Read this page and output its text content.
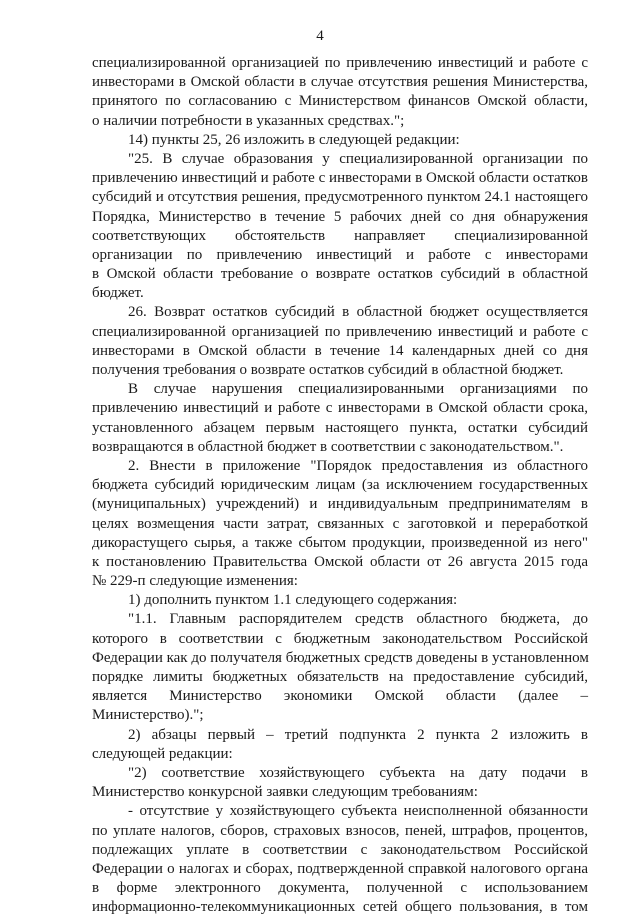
4
специализированной организацией по привлечению инвестиций и работе с
инвесторами в Омской области в случае отсутствия решения Министерства,
принятого по согласованию с Министерством финансов Омской области,
о наличии потребности в указанных средствах.";
14) пункты 25, 26 изложить в следующей редакции:
"25. В случае образования у специализированной организации по
привлечению инвестиций и работе с инвесторами в Омской области остатков
субсидий и отсутствия решения, предусмотренного пунктом 24.1 настоящего
Порядка, Министерство в течение 5 рабочих дней со дня обнаружения
соответствующих обстоятельств направляет специализированной
организации по привлечению инвестиций и работе с инвесторами
в Омской области требование о возврате остатков субсидий в областной
бюджет.
26. Возврат остатков субсидий в областной бюджет осуществляется
специализированной организацией по привлечению инвестиций и работе с
инвесторами в Омской области в течение 14 календарных дней со дня
получения требования о возврате остатков субсидий в областной бюджет.
В случае нарушения специализированными организациями по
привлечению инвестиций и работе с инвесторами в Омской области срока,
установленного абзацем первым настоящего пункта, остатки субсидий
возвращаются в областной бюджет в соответствии с законодательством.".
2. Внести в приложение "Порядок предоставления из областного
бюджета субсидий юридическим лицам (за исключением государственных
(муниципальных) учреждений) и индивидуальным предпринимателям в
целях возмещения части затрат, связанных с заготовкой и переработкой
дикорастущего сырья, а также сбытом продукции, произведенной из него"
к постановлению Правительства Омской области от 26 августа 2015 года
№ 229-п следующие изменения:
1) дополнить пунктом 1.1 следующего содержания:
"1.1. Главным распорядителем средств областного бюджета, до
которого в соответствии с бюджетным законодательством Российской
Федерации как до получателя бюджетных средств доведены в установленном
порядке лимиты бюджетных обязательств на предоставление субсидий,
является Министерство экономики Омской области (далее –
Министерство).";
2) абзацы первый – третий подпункта 2 пункта 2 изложить в
следующей редакции:
"2) соответствие хозяйствующего субъекта на дату подачи в
Министерство конкурсной заявки следующим требованиям:
- отсутствие у хозяйствующего субъекта неисполненной обязанности
по уплате налогов, сборов, страховых взносов, пеней, штрафов, процентов,
подлежащих уплате в соответствии с законодательством Российской
Федерации о налогах и сборах, подтвержденной справкой налогового органа
в форме электронного документа, полученной с использованием
информационно-телекоммуникационных сетей общего пользования, в том
